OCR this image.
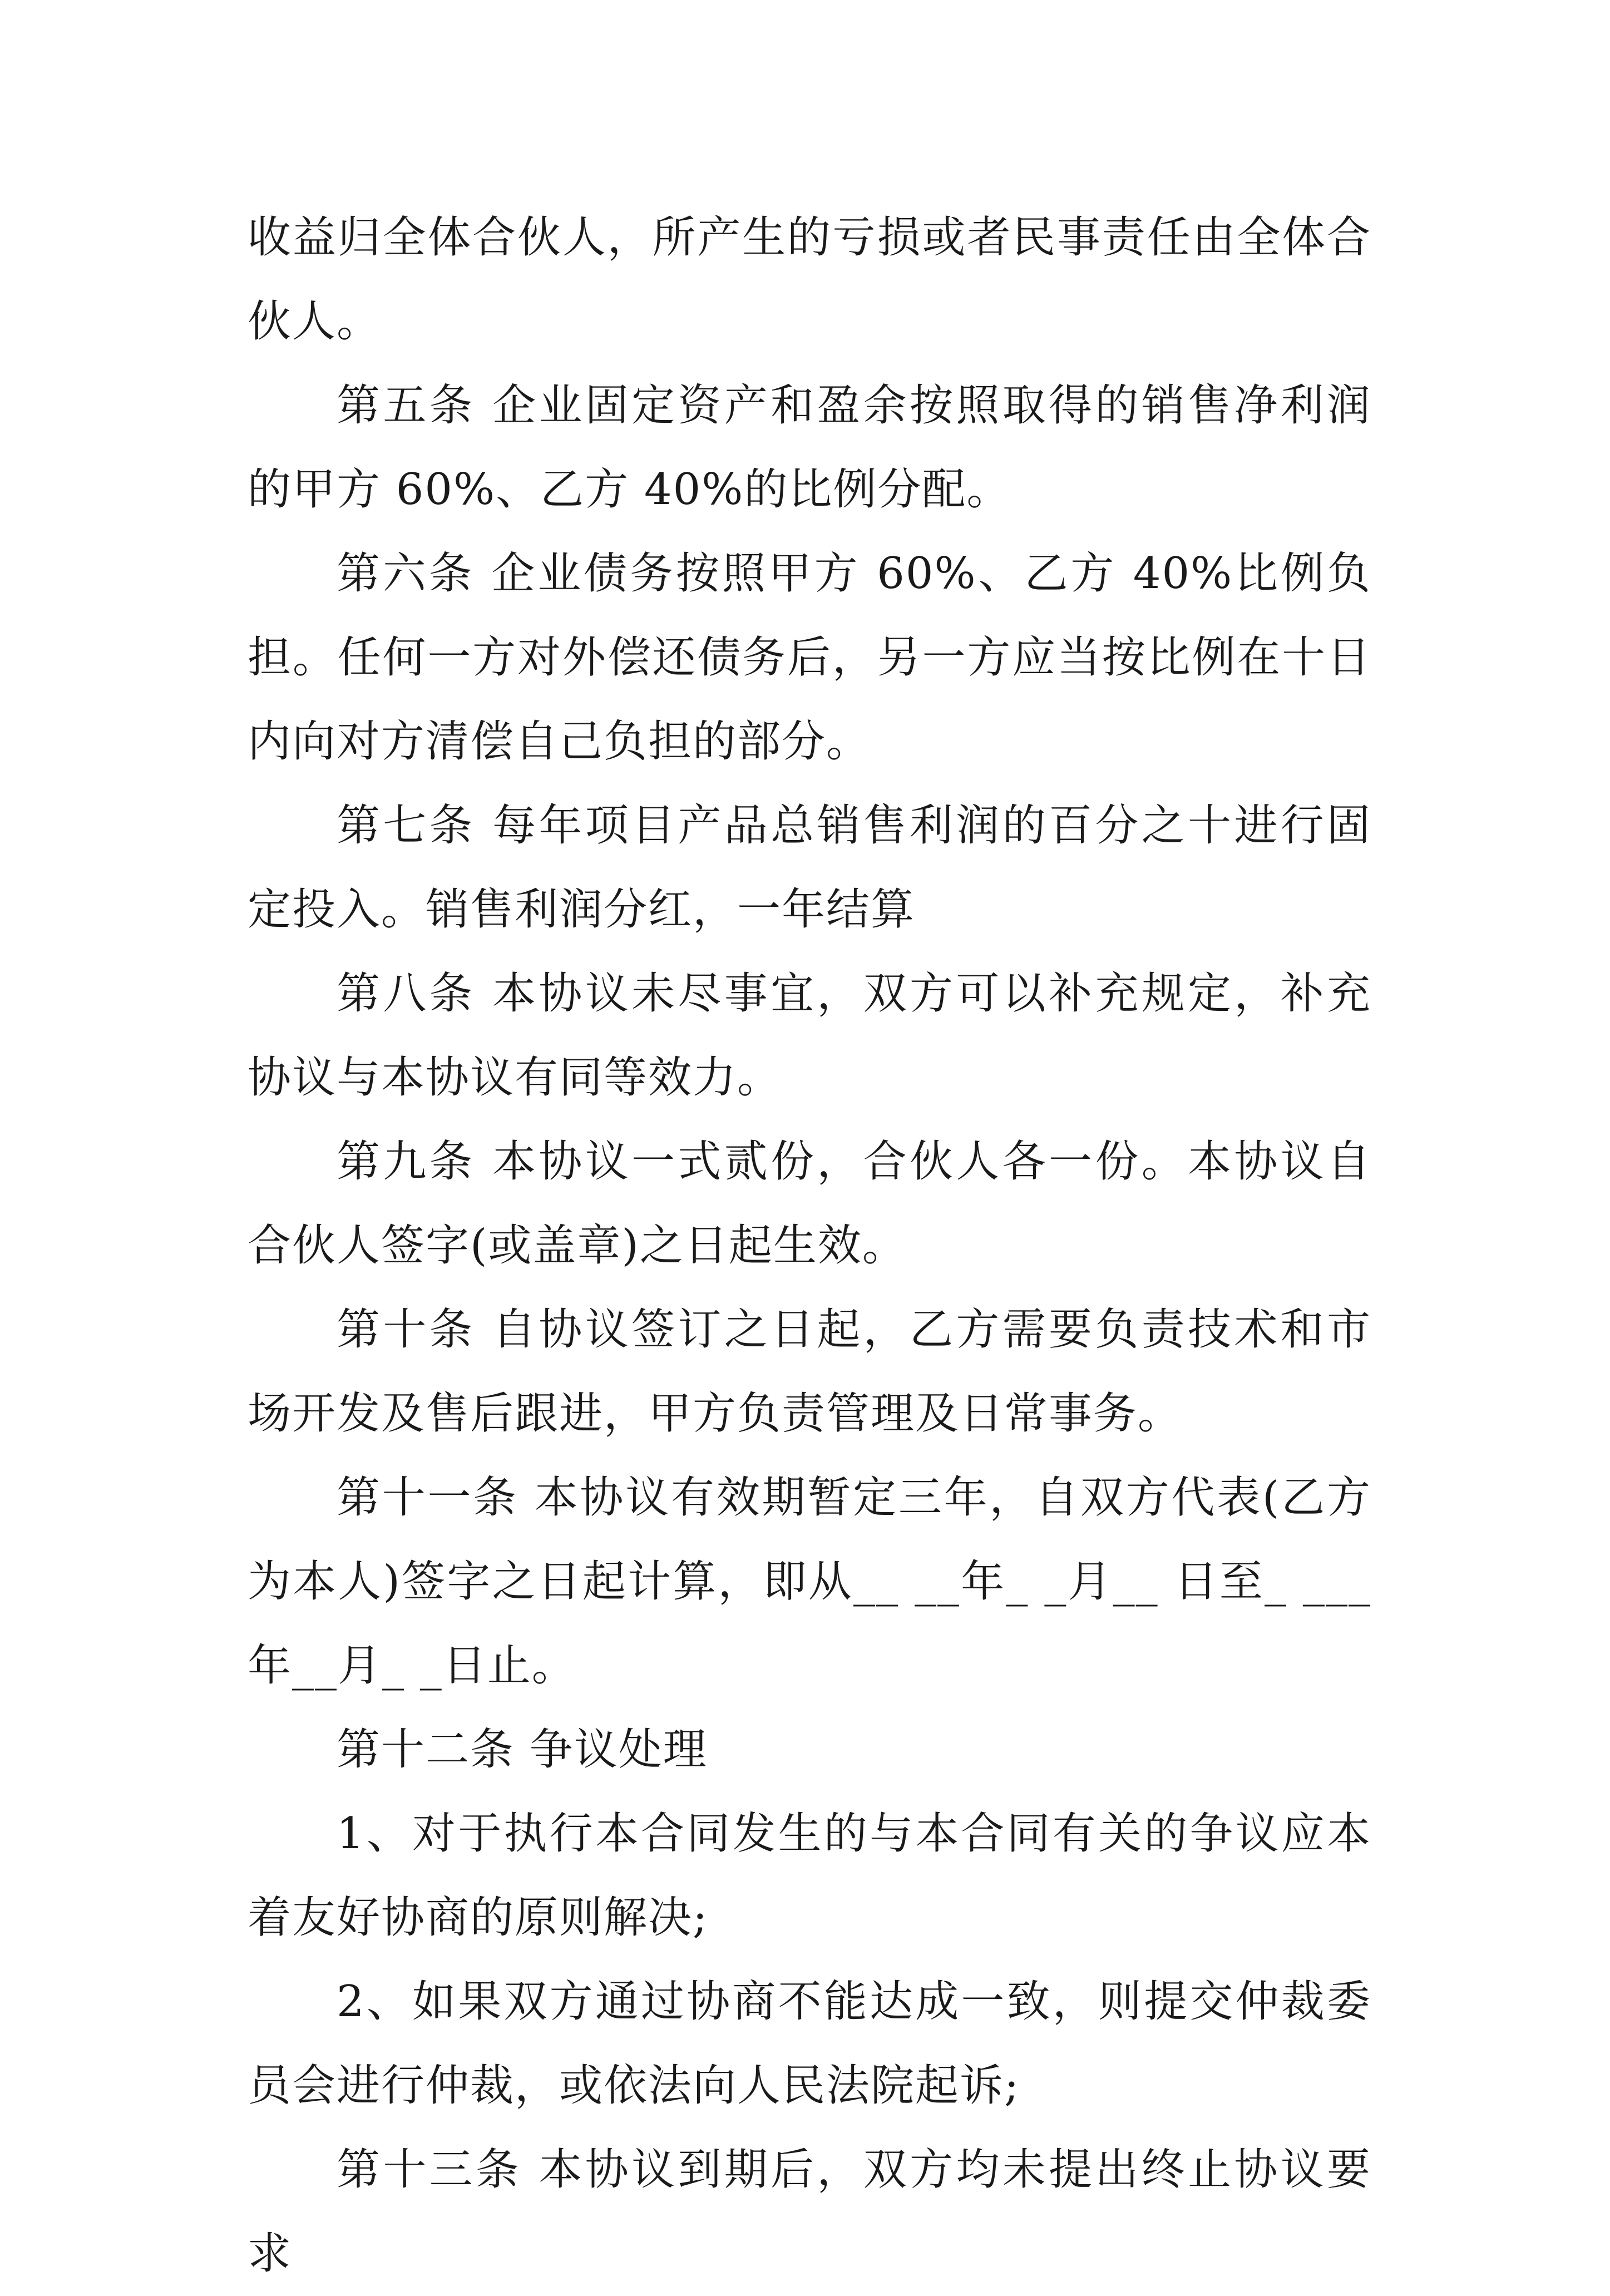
收益归全体合伙人，所产生的亏损或者民事责任由全体合伙人。

第五条 企业固定资产和盈余按照取得的销售净利润的甲方 60%、乙方 40%的比例分配。

第六条 企业债务按照甲方 60%、乙方 40%比例负担。任何一方对外偿还债务后，另一方应当按比例在十日内向对方清偿自己负担的部分。

第七条 每年项目产品总销售利润的百分之十进行固定投入。销售利润分红，一年结算

第八条 本协议未尽事宜，双方可以补充规定，补充协议与本协议有同等效力。

第九条 本协议一式贰份，合伙人各一份。本协议自合伙人签字(或盖章)之日起生效。

第十条 自协议签订之日起，乙方需要负责技术和市场开发及售后跟进，甲方负责管理及日常事务。

第十一条 本协议有效期暂定三年，自双方代表(乙方为本人)签字之日起计算，即从__ __年_ _月__ 日至_ ___年__月_ _日止。

第十二条 争议处理

1、对于执行本合同发生的与本合同有关的争议应本着友好协商的原则解决;

2、如果双方通过协商不能达成一致，则提交仲裁委员会进行仲裁，或依法向人民法院起诉;

第十三条 本协议到期后，双方均未提出终止协议要求
